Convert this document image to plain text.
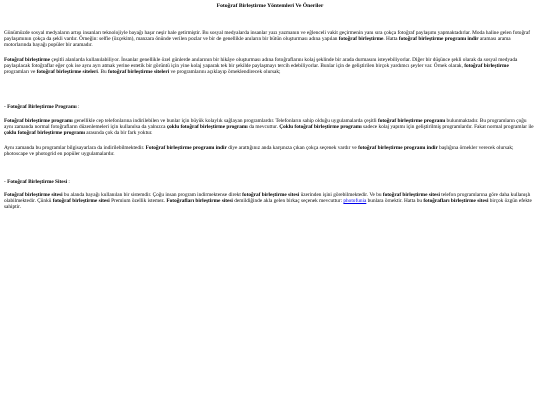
Fotoğraf Birleştirme Yöntemleri Ve Öneriler

Günümüzde sosyal medyaların artışı insanları teknolojiyle bayağı haşır neşir hale getirmiştir. Bu sosyal medyalarda insanlar yazı yazmanın ve eğlenceli vakit geçirmenin yanı sıra çokça fotoğraf paylaşımı yapmaktadırlar. Moda haline gelen fotoğraf paylaşımının çokça da şekli vardır. Örneğin: selfie (özçekim), manzara önünde verilen pozlar ve bir de genellikle anıların bir bütün oluşturması adına yapılan fotoğraf birleştirme. Hatta fotoğraf birleştirme programı indir araması arama motorlarında bayağı popüler bir aramadır.

Fotoğraf birleştirme çeşitli alanlarda kullanılabiliyor. İnsanlar genellikle özel günlerde anılarının bir hikâye oluşturması adına fotoğraflarını kolaj şeklinde bir arada durmasını isteyebiliyorlar. Diğer bir düşünce şekli olarak da sosyal medyada paylaşılacak fotoğraflar eğer çok ise aynı ayrı atmak yerine estetik bir görüntü için yine kolaj yaparak tek bir şekilde paylaşmayı tercih edebiliyorlar. Bunlar için de geliştirilen birçok yardımcı şeyler var. Örnek olarak, fotoğraf birleştirme programları ve fotoğraf birleştirme siteleri. Bu fotoğraf birleştirme siteleri ve programlarını açıklayıp örneklendirecek olursak;

- Fotoğraf Birleştirme Programı :

Fotoğraf birleştirme programı genellikle cep telefonlarına indirilebilen ve bunlar için büyük kolaylık sağlayan programlardır. Telefonların sahip olduğu uygulamalarda çeşitli fotoğraf birleştirme programı bulunmaktadır. Bu programların çoğu aynı zamanda normal fotoğrafların düzenlemeleri için kullanılsa da yalnızca çoklu fotoğraf birleştirme programı da mevcuttur. Çoklu fotoğraf birleştirme programı sadece kolaj yapımı için geliştirilmiş programlardır. Fakat normal programlar ile çoklu fotoğraf birleştirme programı arasında çok da bir fark yoktur.

Aynı zamanda bu programlar bilgisayarlara da indirilebilmektedir. Fotoğraf birleştirme programı indir diye arattığınız anda karşınıza çıkan çokça seçenek vardır ve fotoğraf birleştirme programı indir başlığına örnekler verecek olursak; photoscape ve photogrid en popüler uygulamalardır.

- Fotoğraf Birleştirme Sitesi :

Fotoğraf birleştirme sitesi bu alanda bayağı kullanılan bir sistemdir. Çoğu insan program indirmektense direkt fotoğraf birleştirme sitesi üzerinden işini görebilmektedir. Ve bu fotoğraf birleştirme sitesi telefon programlarına göre daha kullanışlı olabilmektedir. Çünkü fotoğraf birleştirme sitesi Premium özellik istemez. Fotoğrafları birleştirme sitesi demildiğinde akla gelen birkaç seçenek mevcuttur: photofunia bunlara örnektir. Hatta bu fotoğrafları birleştirme sitesi birçok özgün efekte sahiptir.
